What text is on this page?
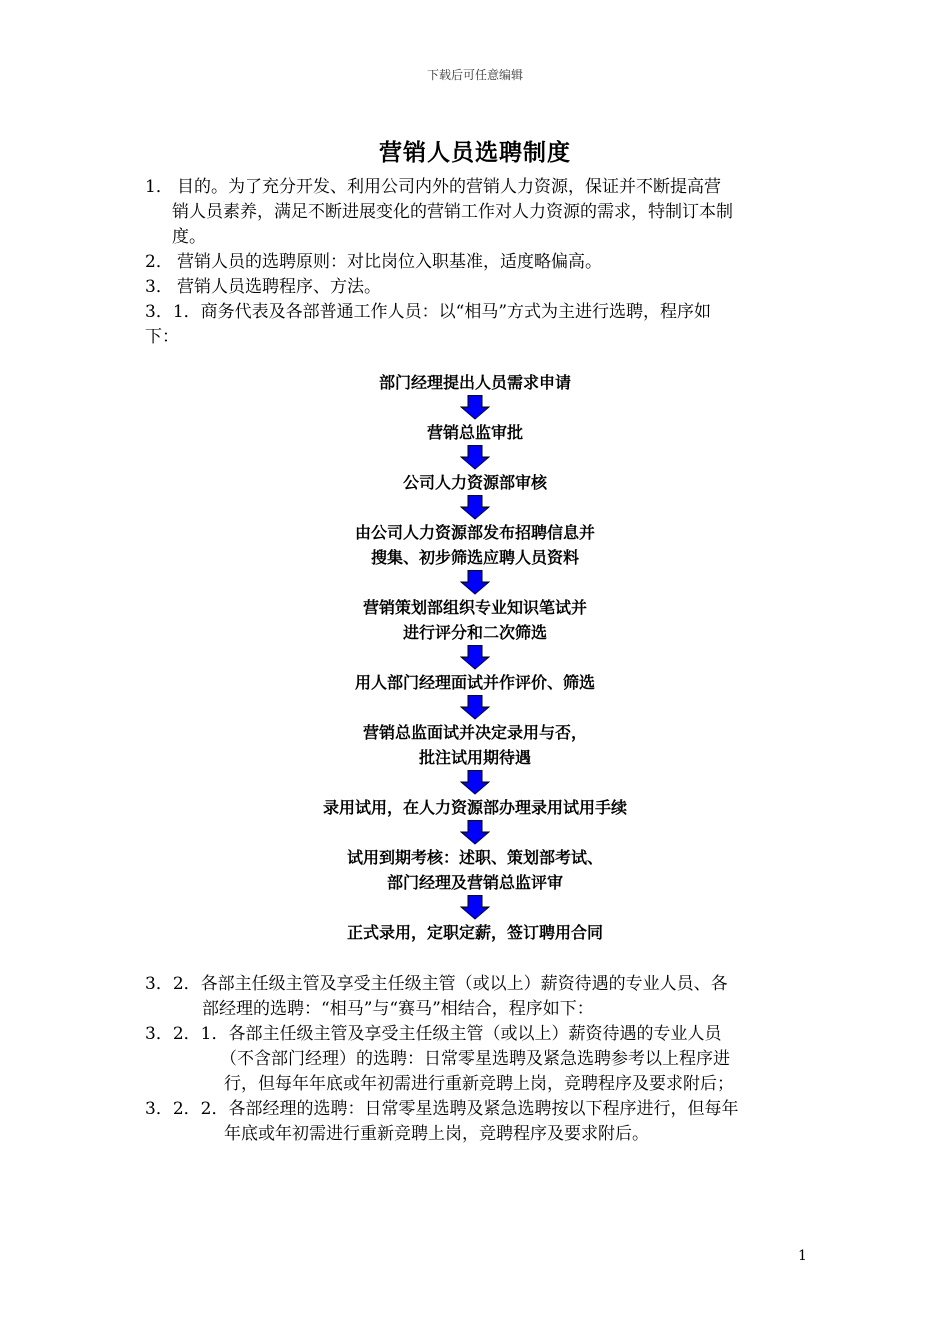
下载后可任意编辑
营销人员选聘制度
1． 目的。为了充分开发、利用公司内外的营销人力资源，保证并不断提高营
销人员素养，满足不断进展变化的营销工作对人力资源的需求，特制订本制
度。
2． 营销人员的选聘原则：对比岗位入职基准，适度略偏高。
3． 营销人员选聘程序、方法。
3．1．商务代表及各部普通工作人员：以“相马”方式为主进行选聘，程序如
下：
部门经理提出人员需求申请
营销总监审批
公司人力资源部审核
由公司人力资源部发布招聘信息并
搜集、初步筛选应聘人员资料
营销策划部组织专业知识笔试并
进行评分和二次筛选
用人部门经理面试并作评价、筛选
营销总监面试并决定录用与否，
批注试用期待遇
录用试用，在人力资源部办理录用试用手续
试用到期考核：述职、策划部考试、
部门经理及营销总监评审
正式录用，定职定薪，签订聘用合同
3．2．各部主任级主管及享受主任级主管（或以上）薪资待遇的专业人员、各
部经理的选聘：“相马”与“赛马”相结合，程序如下：
3．2．1．各部主任级主管及享受主任级主管（或以上）薪资待遇的专业人员
（不含部门经理）的选聘：日常零星选聘及紧急选聘参考以上程序进
行，但每年年底或年初需进行重新竞聘上岗，竞聘程序及要求附后；
3．2．2．各部经理的选聘：日常零星选聘及紧急选聘按以下程序进行，但每年
年底或年初需进行重新竞聘上岗，竞聘程序及要求附后。
1
